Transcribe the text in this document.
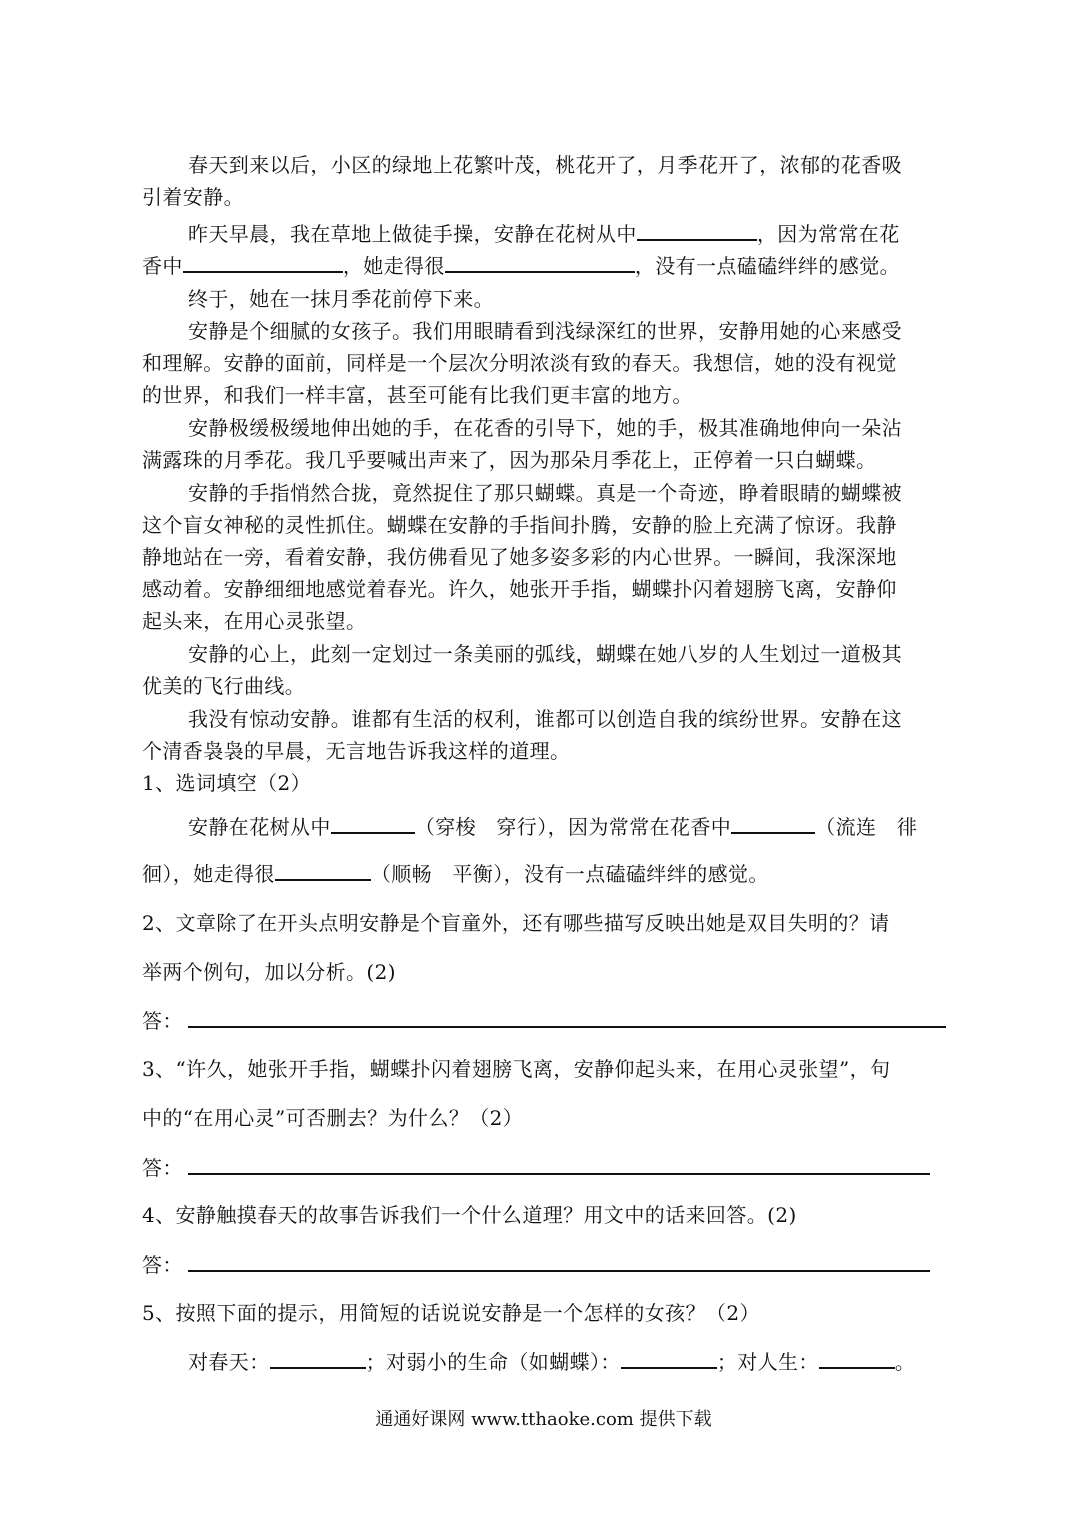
春天到来以后，小区的绿地上花繁叶茂，桃花开了，月季花开了，浓郁的花香吸
引着安静。
昨天早晨，我在草地上做徒手操，安静在花树从中	，因为常常在花
香中	，她走得很	，没有一点磕磕绊绊的感觉。
终于，她在一抹月季花前停下来。
安静是个细腻的女孩子。我们用眼睛看到浅绿深红的世界，安静用她的心来感受
和理解。安静的面前，同样是一个层次分明浓淡有致的春天。我想信，她的没有视觉
的世界，和我们一样丰富，甚至可能有比我们更丰富的地方。
安静极缓极缓地伸出她的手，在花香的引导下，她的手，极其准确地伸向一朵沾
满露珠的月季花。我几乎要喊出声来了，因为那朵月季花上，正停着一只白蝴蝶。
安静的手指悄然合拢，竟然捉住了那只蝴蝶。真是一个奇迹，睁着眼睛的蝴蝶被
这个盲女神秘的灵性抓住。蝴蝶在安静的手指间扑腾，安静的脸上充满了惊讶。我静
静地站在一旁，看着安静，我仿佛看见了她多姿多彩的内心世界。一瞬间，我深深地
感动着。安静细细地感觉着春光。许久，她张开手指，蝴蝶扑闪着翅膀飞离，安静仰
起头来，在用心灵张望。
安静的心上，此刻一定划过一条美丽的弧线，蝴蝶在她八岁的人生划过一道极其
优美的飞行曲线。
我没有惊动安静。谁都有生活的权利，谁都可以创造自我的缤纷世界。安静在这
个清香袅袅的早晨，无言地告诉我这样的道理。
1、选词填空（2）
安静在花树从中	（穿梭　穿行），因为常常在花香中	（流连　徘
徊），她走得很	（顺畅　平衡），没有一点磕磕绊绊的感觉。
2、文章除了在开头点明安静是个盲童外，还有哪些描写反映出她是双目失明的？请
举两个例句，加以分析。(2)
答：
3、“许久，她张开手指，蝴蝶扑闪着翅膀飞离，安静仰起头来，在用心灵张望”，句
中的“在用心灵”可否删去？为什么？（2）
答：
4、安静触摸春天的故事告诉我们一个什么道理？用文中的话来回答。(2)
答：
5、按照下面的提示，用简短的话说说安静是一个怎样的女孩？（2）
对春天：	；对弱小的生命（如蝴蝶）：	；对人生：	。
通通好课网 www.tthaoke.com 提供下载
